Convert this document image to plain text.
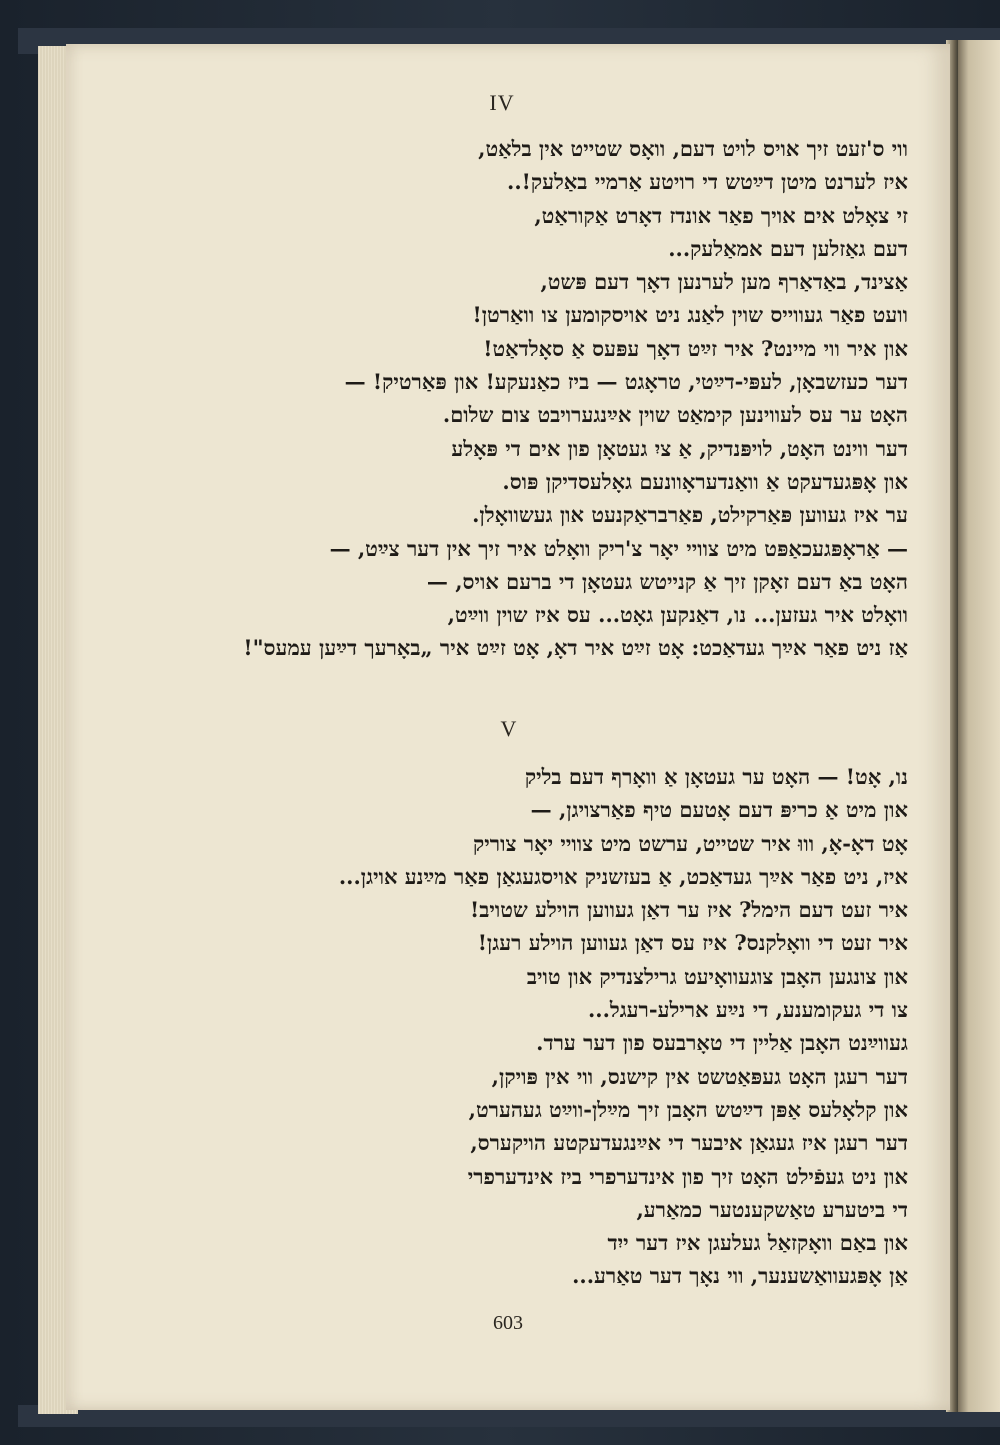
IV
ווי ס'זעט זיך אויס לויט דעם, וואָס שטייט אין בלאַט,
איז לערנט מיטן דײַטש די רויטע אַרמיי באַלעק!..
זי צאָלט אים אויך פאַר אונדז דאָרט אַקוראַט,
דעם גאַזלען דעם אמאַלעק...
אַצינד, באַדאַרף מען לערנען דאָך דעם פּשט,
וועט פאַר געווייס שוין לאַנג ניט אויסקומען צו וואַרטן!
און איר ווי מיינט? איר זײַט דאָך עפּעס אַ סאָלדאַט!
דער כעזשבאָן, לעפּי-דײַטי, טראָגט — ביז כאַנעקע! און פּאַרטיק! —
האָט ער עס לעווינען קימאַט שוין אײַנגערויבט צום שלום.
דער ווינט האָט, לויפּנדיק, אַ ציִ געטאָן פון אים די פּאָלע
און אָפּגעדעקט אַ וואַנדעראָוונעם גאָלעסדיקן פּוס.
ער איז געווען פּאַרקילט, פאַרבראַקנעט און געשוואָלן.
— אַראָפּגעכאַפּט מיט צוויי יאָר צ'ריק וואָלט איר זיך אין דער צײַט, —
האָט באַ דעם זאָקן זיך אַ קנייטש געטאָן די ברעם אויס, —
וואָלט איר געזען... נו, דאַנקען גאָט... עס איז שוין ווײַט,
אַז ניט פאַר אײַך געדאַכט: אָט זײַט איר דאָ, אָט זײַט איר „באָרעך דײַען עמעס"!
V
נו, אָט! — האָט ער געטאָן אַ וואָרף דעם בליק
און מיט אַ כריפּ דעם אָטעם טיף פאַרצויגן, —
אָט דאָ-אָ, וווּ איר שטייט, ערשט מיט צוויי יאָר צוריק
איז, ניט פאַר אײַך געדאַכט, אַ בעזשניק אויסגעגאַן פאַר מײַנע אויגן...
איר זעט דעם הימל? איז ער דאַן געווען הוילע שטויב!
איר זעט די וואָלקנס? איז עס דאַן געווען הוילע רעגן!
און צונגען האָבן צוגעוואָיעט גרילצנדיק און טויב
צו די געקומענע, די נײַע ארילע-רעגל...
געווײַנט האָבן אַליין די טאָרבעס פון דער ערד.
דער רעגן האָט געפּאַטשט אין קישנס, ווי אין פּויקן,
און קלאָלעס אַפּן דײַטש האָבן זיך מײַלן-ווײַט געהערט,
דער רעגן איז געגאַן איבער די אײַנגעדעקטע הויקערס,
און ניט געפֿילט האָט זיך פון אינדערפרי ביז אינדערפרי
די ביטערע טאַשקענטער כמאַרע,
און באַם וואָקזאַל געלעגן איז דער ייִד
אַן אָפּגעוואַשענער, ווי נאָך דער טאַרע...
603
